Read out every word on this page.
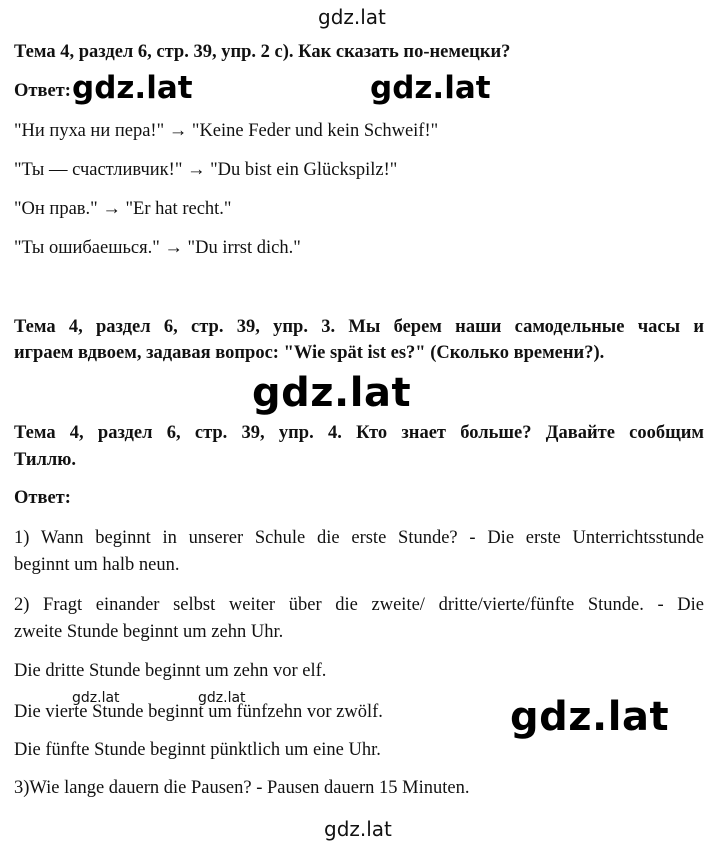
gdz.lat
Тема 4, раздел 6, стр. 39, упр. 2 c). Как сказать по-немецки?
Ответ: gdz.lat	gdz.lat
"Ни пуха ни пера!" → "Keine Feder und kein Schweif!"
"Ты — счастливчик!" → "Du bist ein Glückspilz!"
"Он прав." → "Er hat recht."
"Ты ошибаешься." → "Du irrst dich."
Тема 4, раздел 6, стр. 39, упр. 3. Мы берем наши самодельные часы и
играем вдвоем, задавая вопрос: "Wie spät ist es?" (Сколько времени?).
gdz.lat
Тема 4, раздел 6, стр. 39, упр. 4. Кто знает больше? Давайте сообщим
Тиллю.
Ответ:
1) Wann beginnt in unserer Schule die erste Stunde? - Die erste Unterrichtsstunde
beginnt um halb neun.
2) Fragt einander selbst weiter über die zweite/ dritte/vierte/fünfte Stunde. - Die
zweite Stunde beginnt um zehn Uhr.
Die dritte Stunde beginnt um zehn vor elf.
gdz.lat	gdz.lat
Die vierte Stunde beginnt um fünfzehn vor zwölf.	gdz.lat
Die fünfte Stunde beginnt pünktlich um eine Uhr.
3)Wie lange dauern die Pausen? - Pausen dauern 15 Minuten.
gdz.lat
